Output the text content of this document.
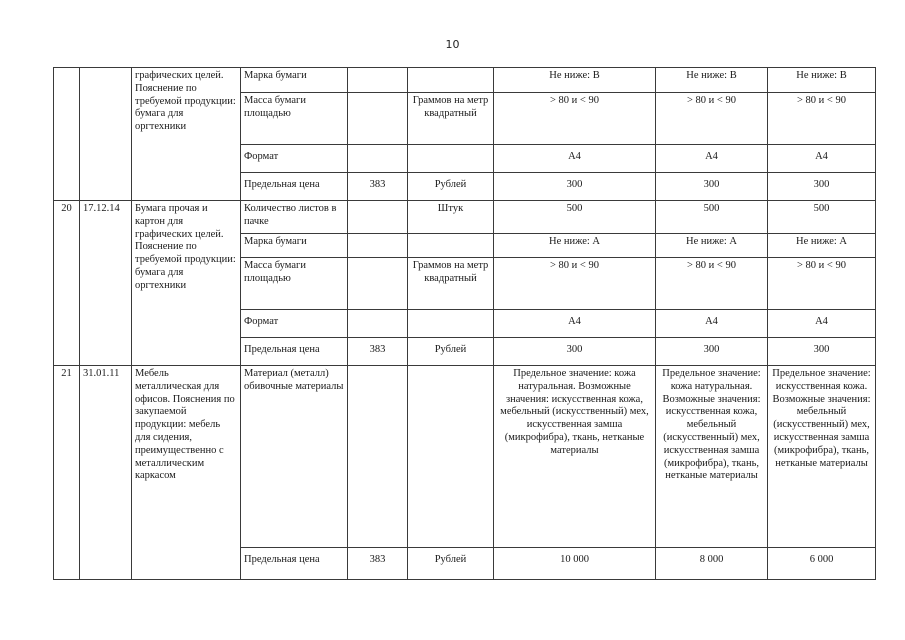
10
		графических целей. Пояснение по требуемой продукции: бумага для оргтехники	Марка бумаги			Не ниже: В	Не ниже: В	Не ниже: В
			Масса бумаги площадью		Граммов на метр квадратный	> 80 и < 90	> 80 и < 90	> 80 и < 90
			Формат			А4	А4	А4
			Предельная цена	383	Рублей	300	300	300
20	17.12.14	Бумага прочая и картон для графических целей. Пояснение по требуемой продукции: бумага для оргтехники	Количество листов в пачке		Штук	500	500	500
			Марка бумаги			Не ниже: А	Не ниже: А	Не ниже: А
			Масса бумаги площадью		Граммов на метр квадратный	> 80 и < 90	> 80 и < 90	> 80 и < 90
			Формат			А4	А4	А4
			Предельная цена	383	Рублей	300	300	300
21	31.01.11	Мебель металлическая для офисов. Пояснения по закупаемой продукции: мебель для сидения, преимущественно с металлическим каркасом	Материал (металл) обивочные материалы			Предельное значение: кожа натуральная. Возможные значения: искусственная кожа, мебельный (искусственный) мех, искусственная замша (микрофибра), ткань, нетканые материалы	Предельное значение: кожа натуральная. Возможные значения: искусственная кожа, мебельный (искусственный) мех, искусственная замша (микрофибра), ткань, нетканые материалы	Предельное значение: искусственная кожа. Возможные значения: мебельный (искусственный) мех, искусственная замша (микрофибра), ткань, нетканые материалы
			Предельная цена	383	Рублей	10 000	8 000	6 000
